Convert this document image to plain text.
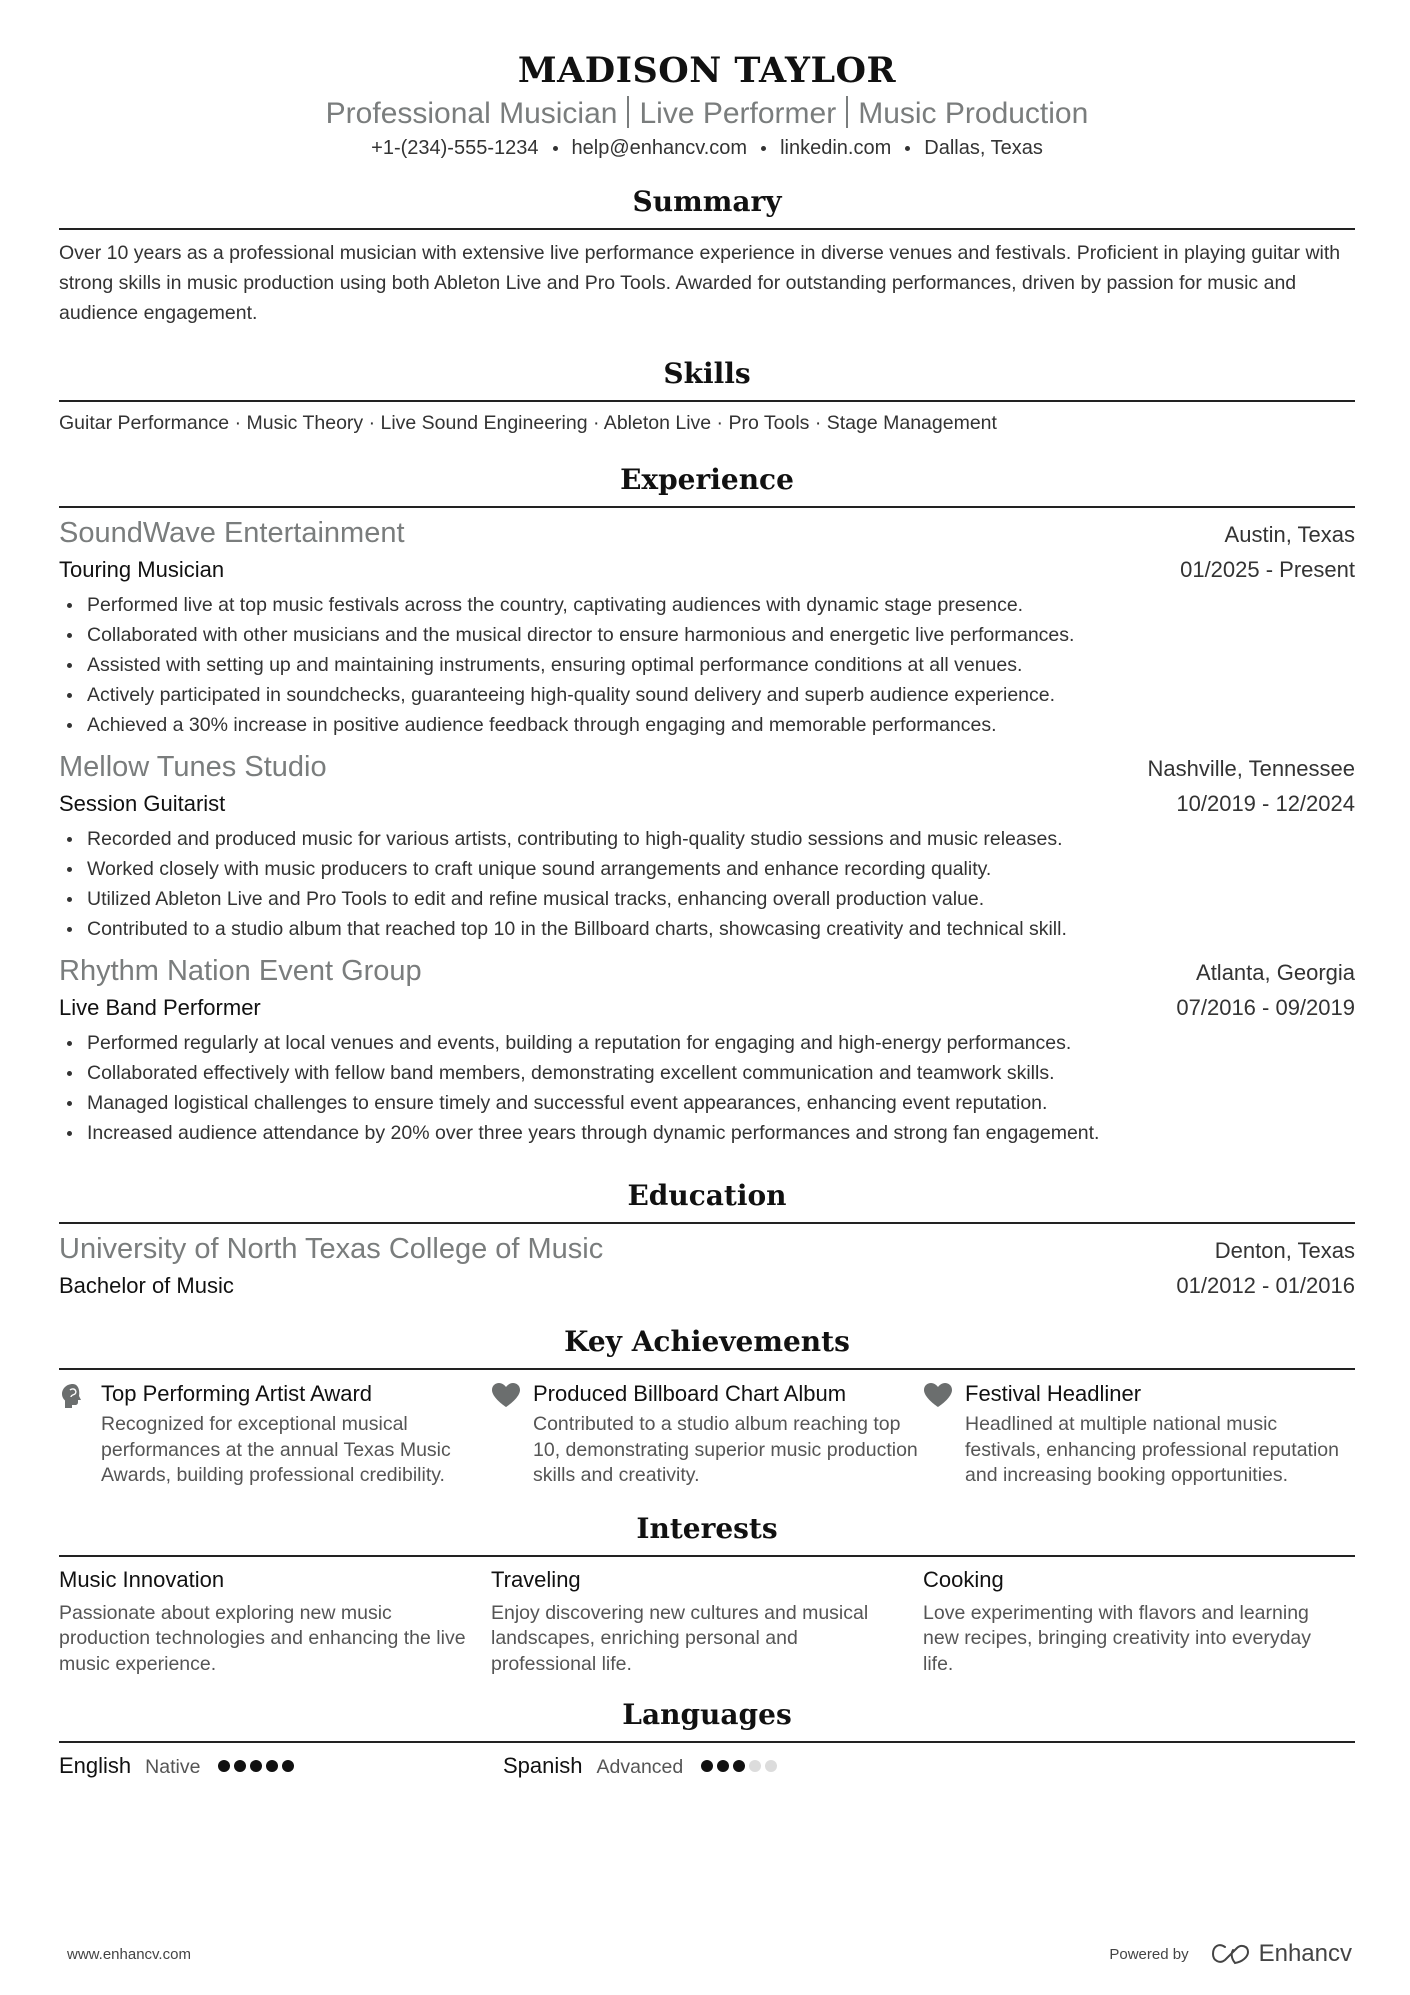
MADISON TAYLOR
Professional Musician Live Performer Music Production
+1-(234)-555-1234 help@enhancv.com linkedin.com Dallas, Texas
Summary
Over 10 years as a professional musician with extensive live performance experience in diverse venues and festivals. Proficient in playing guitar with strong skills in music production using both Ableton Live and Pro Tools. Awarded for outstanding performances, driven by passion for music and audience engagement.
Skills
Guitar Performance · Music Theory · Live Sound Engineering · Ableton Live · Pro Tools · Stage Management
Experience
SoundWave Entertainment	Austin, Texas
Touring Musician	01/2025 - Present
Performed live at top music festivals across the country, captivating audiences with dynamic stage presence.
Collaborated with other musicians and the musical director to ensure harmonious and energetic live performances.
Assisted with setting up and maintaining instruments, ensuring optimal performance conditions at all venues.
Actively participated in soundchecks, guaranteeing high-quality sound delivery and superb audience experience.
Achieved a 30% increase in positive audience feedback through engaging and memorable performances.
Mellow Tunes Studio	Nashville, Tennessee
Session Guitarist	10/2019 - 12/2024
Recorded and produced music for various artists, contributing to high-quality studio sessions and music releases.
Worked closely with music producers to craft unique sound arrangements and enhance recording quality.
Utilized Ableton Live and Pro Tools to edit and refine musical tracks, enhancing overall production value.
Contributed to a studio album that reached top 10 in the Billboard charts, showcasing creativity and technical skill.
Rhythm Nation Event Group	Atlanta, Georgia
Live Band Performer	07/2016 - 09/2019
Performed regularly at local venues and events, building a reputation for engaging and high-energy performances.
Collaborated effectively with fellow band members, demonstrating excellent communication and teamwork skills.
Managed logistical challenges to ensure timely and successful event appearances, enhancing event reputation.
Increased audience attendance by 20% over three years through dynamic performances and strong fan engagement.
Education
University of North Texas College of Music	Denton, Texas
Bachelor of Music	01/2012 - 01/2016
Key Achievements
Top Performing Artist Award
Recognized for exceptional musical performances at the annual Texas Music Awards, building professional credibility.
Produced Billboard Chart Album
Contributed to a studio album reaching top 10, demonstrating superior music production skills and creativity.
Festival Headliner
Headlined at multiple national music festivals, enhancing professional reputation and increasing booking opportunities.
Interests
Music Innovation
Passionate about exploring new music production technologies and enhancing the live music experience.
Traveling
Enjoy discovering new cultures and musical landscapes, enriching personal and professional life.
Cooking
Love experimenting with flavors and learning new recipes, bringing creativity into everyday life.
Languages
English Native	Spanish Advanced
www.enhancv.com	Powered by	Enhancv
